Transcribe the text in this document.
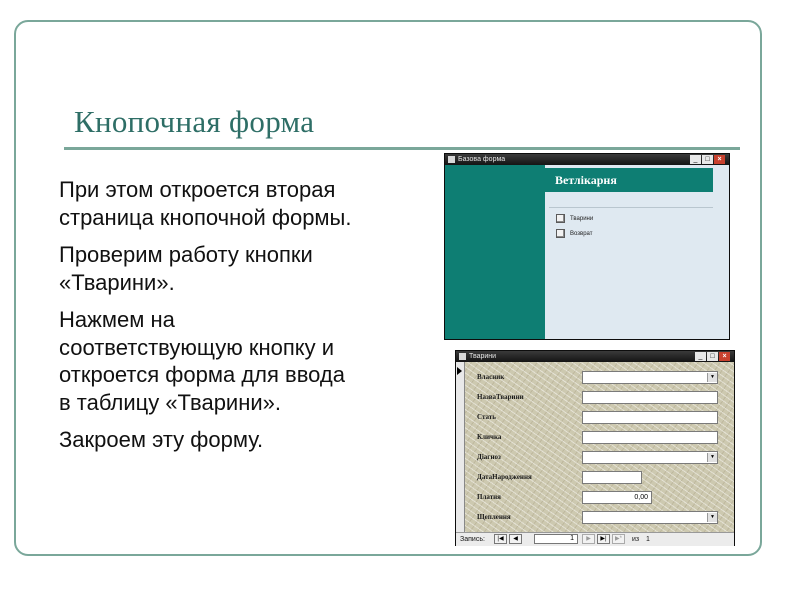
Кнопочная форма

При этом откроется вторая страница кнопочной формы.

Проверим работу кнопки «Тварини».

Нажмем на соответствующую кнопку и откроется форма для ввода в таблицу «Тварини».

Закроем эту форму.

Базова форма	_	□	×
Ветлікарня
Тварини
Возврат
Тварини	_	□	×
Власник	▼
НазваТварини
Стать
Кличка
Діагноз	▼
ДатаНародження
Платня	0,00
Щеплення	▼
Запись:	|◀	◀	1	▶	▶|	▶*	из 1
